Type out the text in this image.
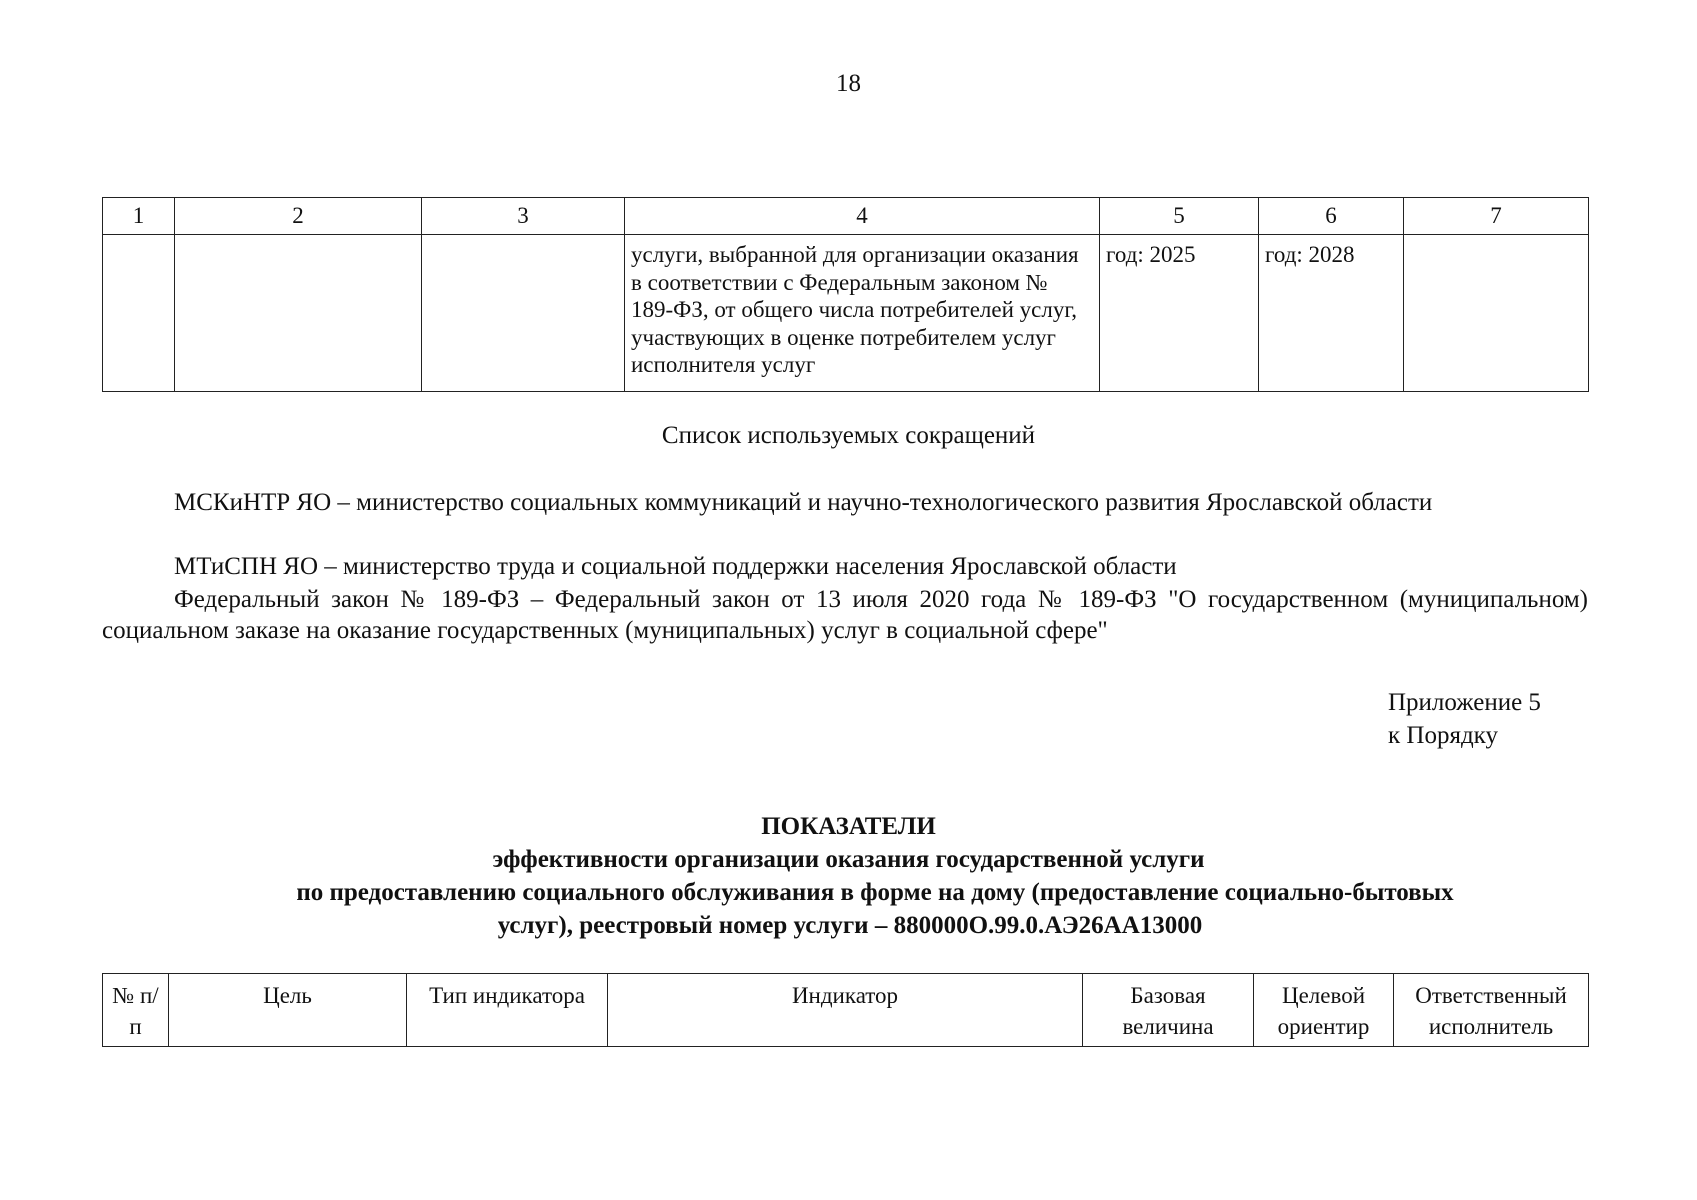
18
1	2	3	4	5	6	7
			услуги, выбранной для организации оказания в соответствии с Федеральным законом № 189-ФЗ, от общего числа потребителей услуг, участвующих в оценке потребителем услуг исполнителя услуг	год: 2025	год: 2028	
Список используемых сокращений

МСКиНТР ЯО – министерство социальных коммуникаций и научно-технологического развития Ярославской области

МТиСПН ЯО – министерство труда и социальной поддержки населения Ярославской области

Федеральный закон № 189-ФЗ – Федеральный закон от 13 июля 2020 года № 189-ФЗ "О государственном (муниципальном) социальном заказе на оказание государственных (муниципальных) услуг в социальной сфере"

Приложение 5
к Порядку

ПОКАЗАТЕЛИ

эффективности организации оказания государственной услуги

по предоставлению социального обслуживания в форме на дому (предоставление социально-бытовых

услуг), реестровый номер услуги – 880000О.99.0.АЭ26АА13000

№ п/п	Цель	Тип индикатора	Индикатор	Базовая величина	Целевой ориентир	Ответственный исполнитель
